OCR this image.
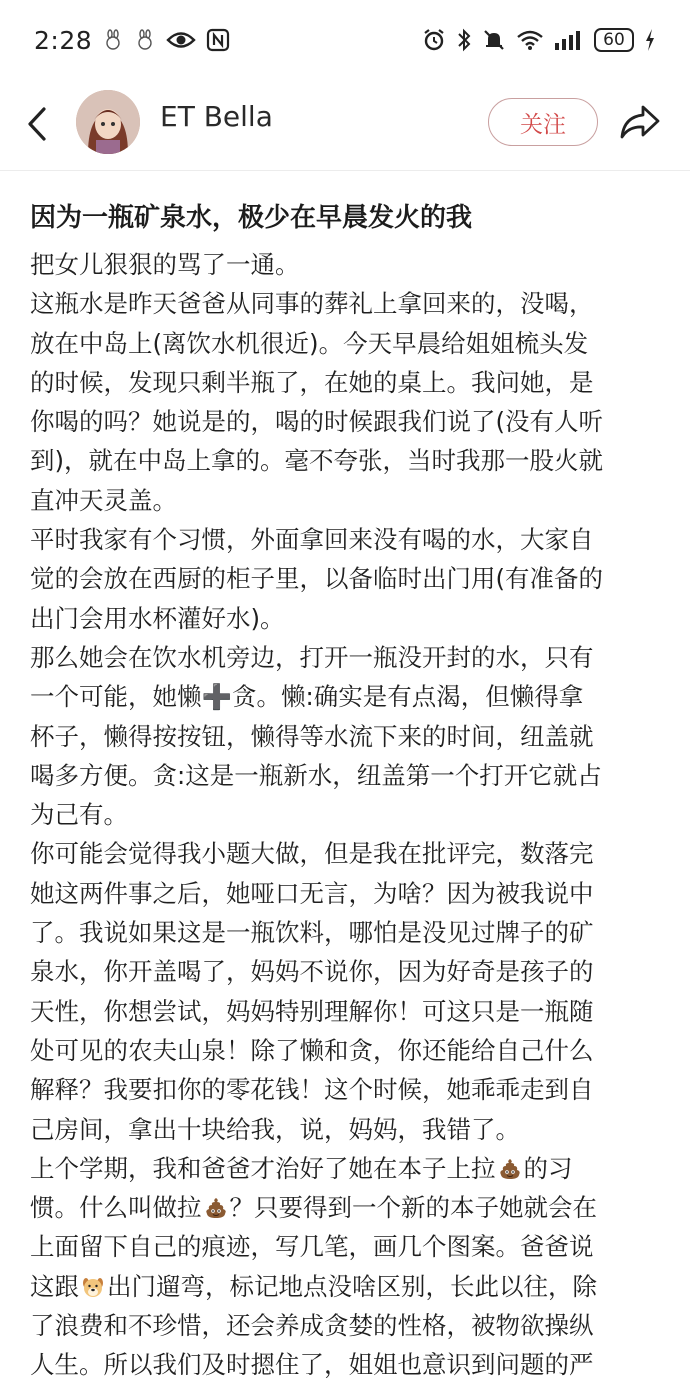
2:28	60
ET Bella	关注
因为一瓶矿泉水，极少在早晨发火的我
把女儿狠狠的骂了一通。
这瓶水是昨天爸爸从同事的葬礼上拿回来的，没喝，
放在中岛上(离饮水机很近)。今天早晨给姐姐梳头发
的时候，发现只剩半瓶了，在她的桌上。我问她，是
你喝的吗？她说是的，喝的时候跟我们说了(没有人听
到)，就在中岛上拿的。毫不夸张，当时我那一股火就
直冲天灵盖。
平时我家有个习惯，外面拿回来没有喝的水，大家自
觉的会放在西厨的柜子里，以备临时出门用(有准备的
出门会用水杯灌好水)。
那么她会在饮水机旁边，打开一瓶没开封的水，只有
一个可能，她懒➕贪。懒:确实是有点渴，但懒得拿
杯子，懒得按按钮，懒得等水流下来的时间，纽盖就
喝多方便。贪:这是一瓶新水，纽盖第一个打开它就占
为己有。
你可能会觉得我小题大做，但是我在批评完，数落完
她这两件事之后，她哑口无言，为啥？因为被我说中
了。我说如果这是一瓶饮料，哪怕是没见过牌子的矿
泉水，你开盖喝了，妈妈不说你，因为好奇是孩子的
天性，你想尝试，妈妈特别理解你！可这只是一瓶随
处可见的农夫山泉！除了懒和贪，你还能给自己什么
解释？我要扣你的零花钱！这个时候，她乖乖走到自
己房间，拿出十块给我，说，妈妈，我错了。
上个学期，我和爸爸才治好了她在本子上拉 的习
惯。什么叫做拉 ？只要得到一个新的本子她就会在
上面留下自己的痕迹，写几笔，画几个图案。爸爸说
这跟 出门遛弯，标记地点没啥区别，长此以往，除
了浪费和不珍惜，还会养成贪婪的性格，被物欲操纵
人生。所以我们及时摁住了，姐姐也意识到问题的严
